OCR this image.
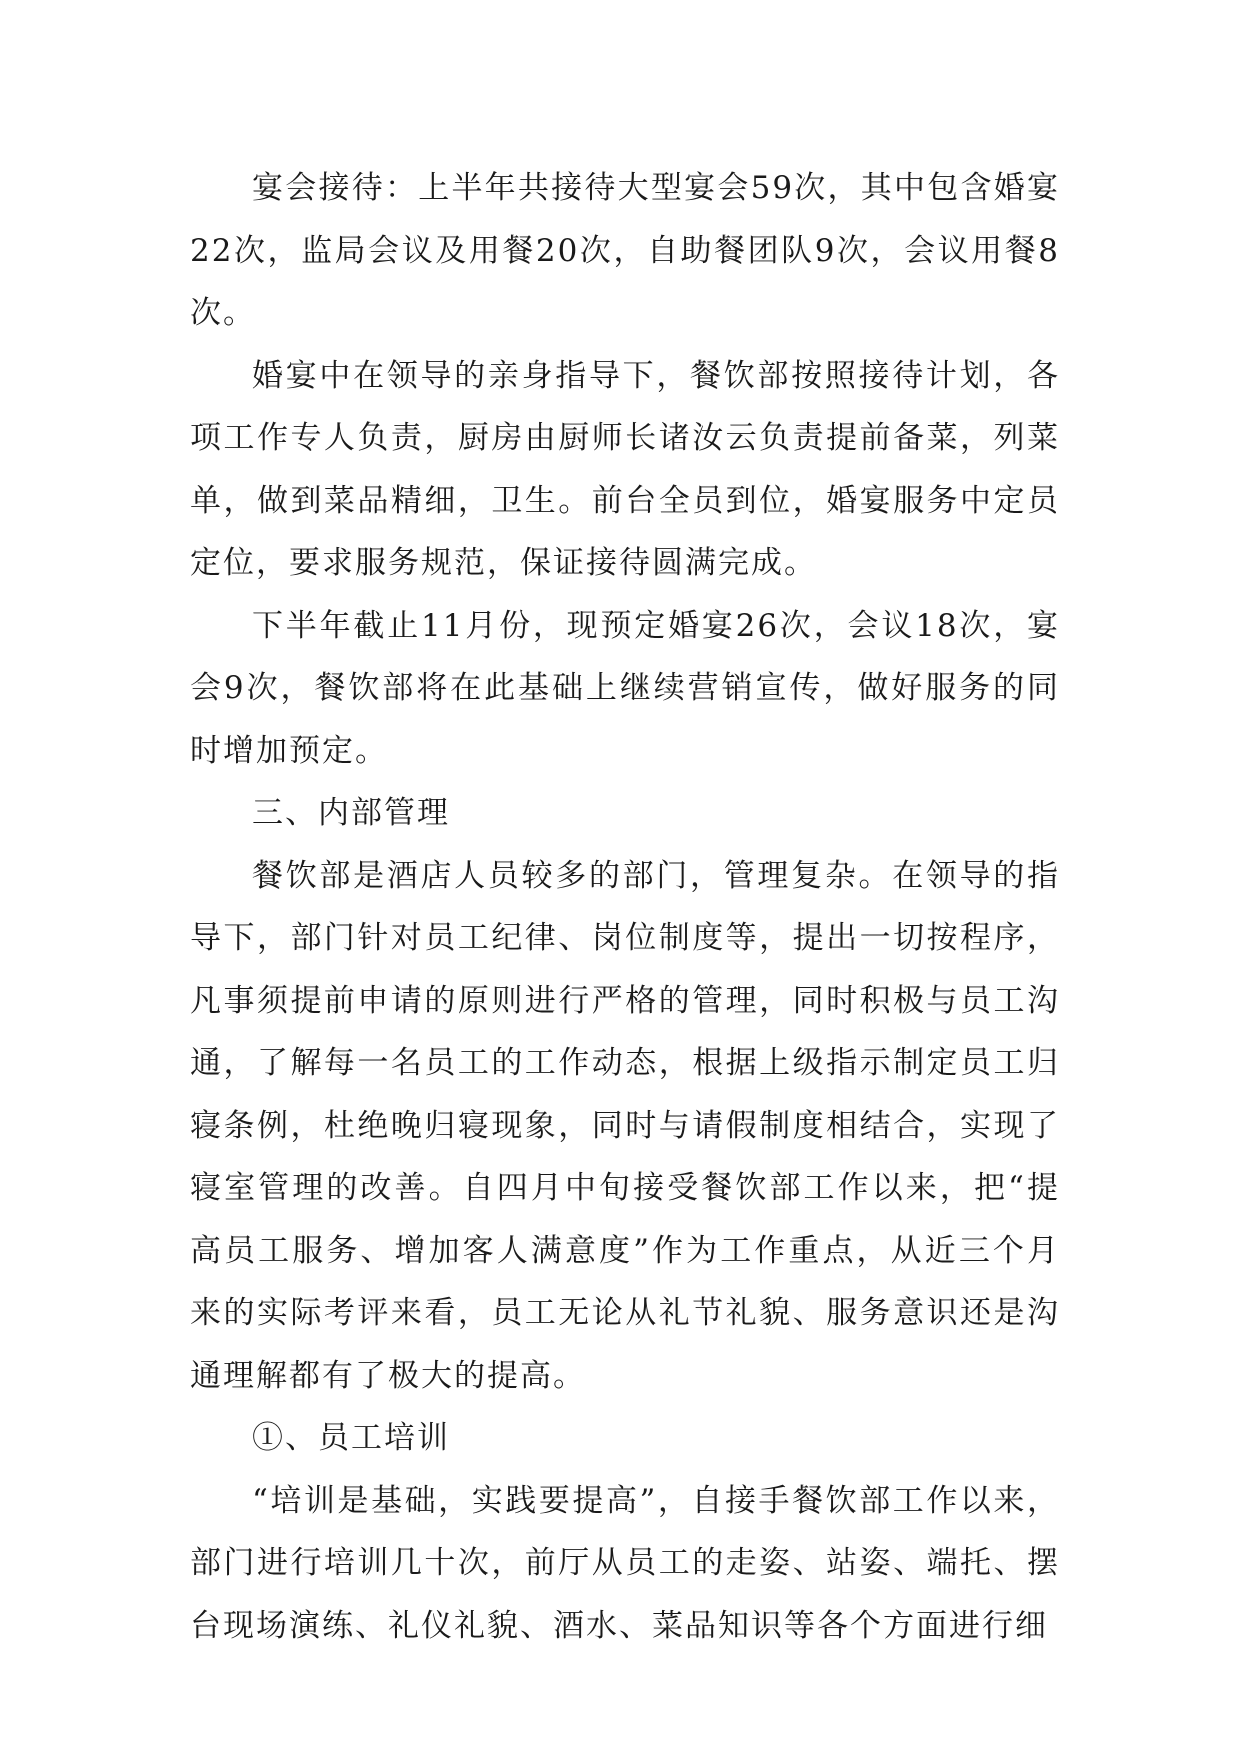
宴会接待：上半年共接待大型宴会59次，其中包含婚宴22次，监局会议及用餐20次，自助餐团队9次，会议用餐8次。

婚宴中在领导的亲身指导下，餐饮部按照接待计划，各项工作专人负责，厨房由厨师长诸汝云负责提前备菜，列菜单，做到菜品精细，卫生。前台全员到位，婚宴服务中定员定位，要求服务规范，保证接待圆满完成。

下半年截止11月份，现预定婚宴26次，会议18次，宴会9次，餐饮部将在此基础上继续营销宣传，做好服务的同时增加预定。

三、内部管理

餐饮部是酒店人员较多的部门，管理复杂。在领导的指导下，部门针对员工纪律、岗位制度等，提出一切按程序，凡事须提前申请的原则进行严格的管理，同时积极与员工沟通，了解每一名员工的工作动态，根据上级指示制定员工归寝条例，杜绝晚归寝现象，同时与请假制度相结合，实现了寝室管理的改善。自四月中旬接受餐饮部工作以来，把“提高员工服务、增加客人满意度”作为工作重点，从近三个月来的实际考评来看，员工无论从礼节礼貌、服务意识还是沟通理解都有了极大的提高。

①、员工培训

“培训是基础，实践要提高”，自接手餐饮部工作以来，部门进行培训几十次，前厅从员工的走姿、站姿、端托、摆台现场演练、礼仪礼貌、酒水、菜品知识等各个方面进行细
